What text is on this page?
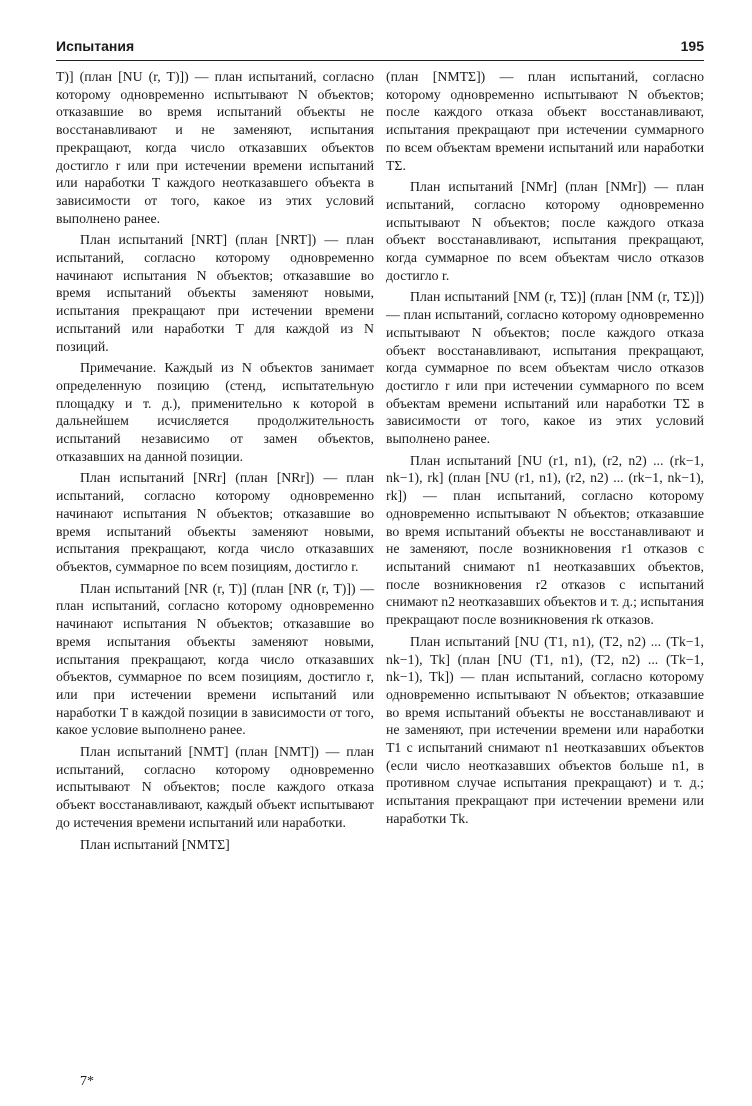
Испытания	195

T)] (план [NU (r, T)]) — план испытаний, согласно которому одновременно испытывают N объектов; отказавшие во время испытаний объекты не восстанавливают и не заменяют, испытания прекращают, когда число отказавших объектов достигло r или при истечении времени испытаний или наработки T каждого неотказавшего объекта в зависимости от того, какое из этих условий выполнено ранее.

План испытаний [NRT] (план [NRT]) — план испытаний, согласно которому одновременно начинают испытания N объектов; отказавшие во время испытаний объекты заменяют новыми, испытания прекращают при истечении времени испытаний или наработки T для каждой из N позиций.

Примечание. Каждый из N объектов занимает определенную позицию (стенд, испытательную площадку и т. д.), применительно к которой в дальнейшем исчисляется продолжительность испытаний независимо от замен объектов, отказавших на данной позиции.

План испытаний [NRr] (план [NRr]) — план испытаний, согласно которому одновременно начинают испытания N объектов; отказавшие во время испытаний объекты заменяют новыми, испытания прекращают, когда число отказавших объектов, суммарное по всем позициям, достигло r.

План испытаний [NR (r, T)] (план [NR (r, T)]) — план испытаний, согласно которому одновременно начинают испытания N объектов; отказавшие во время испытания объекты заменяют новыми, испытания прекращают, когда число отказавших объектов, суммарное по всем позициям, достигло r, или при истечении времени испытаний или наработки T в каждой позиции в зависимости от того, какое условие выполнено ранее.

План испытаний [NMT] (план [NMT]) — план испытаний, согласно которому одновременно испытывают N объектов; после каждого отказа объект восстанавливают, каждый объект испытывают до истечения времени испытаний или наработки.

План испытаний [NMTΣ]

(план [NMTΣ]) — план испытаний, согласно которому одновременно испытывают N объектов; после каждого отказа объект восстанавливают, испытания прекращают при истечении суммарного по всем объектам времени испытаний или наработки TΣ.

План испытаний [NMr] (план [NMr]) — план испытаний, согласно которому одновременно испытывают N объектов; после каждого отказа объект восстанавливают, испытания прекращают, когда суммарное по всем объектам число отказов достигло r.

План испытаний [NM (r, TΣ)] (план [NM (r, TΣ)]) — план испытаний, согласно которому одновременно испытывают N объектов; после каждого отказа объект восстанавливают, испытания прекращают, когда суммарное по всем объектам число отказов достигло r или при истечении суммарного по всем объектам времени испытаний или наработки TΣ в зависимости от того, какое из этих условий выполнено ранее.

План испытаний [NU (r1, n1), (r2, n2) ... (rk−1, nk−1), rk] (план [NU (r1, n1), (r2, n2) ... (rk−1, nk−1), rk]) — план испытаний, согласно которому одновременно испытывают N объектов; отказавшие во время испытаний объекты не восстанавливают и не заменяют, после возникновения r1 отказов с испытаний снимают n1 неотказавших объектов, после возникновения r2 отказов с испытаний снимают n2 неотказавших объектов и т. д.; испытания прекращают после возникновения rk отказов.

План испытаний [NU (T1, n1), (T2, n2) ... (Tk−1, nk−1), Tk] (план [NU (T1, n1), (T2, n2) ... (Tk−1, nk−1), Tk]) — план испытаний, согласно которому одновременно испытывают N объектов; отказавшие во время испытаний объекты не восстанавливают и не заменяют, при истечении времени или наработки T1 с испытаний снимают n1 неотказавших объектов (если число неотказавших объектов больше n1, в противном случае испытания прекращают) и т. д.; испытания прекращают при истечении времени или наработки Tk.

7*
